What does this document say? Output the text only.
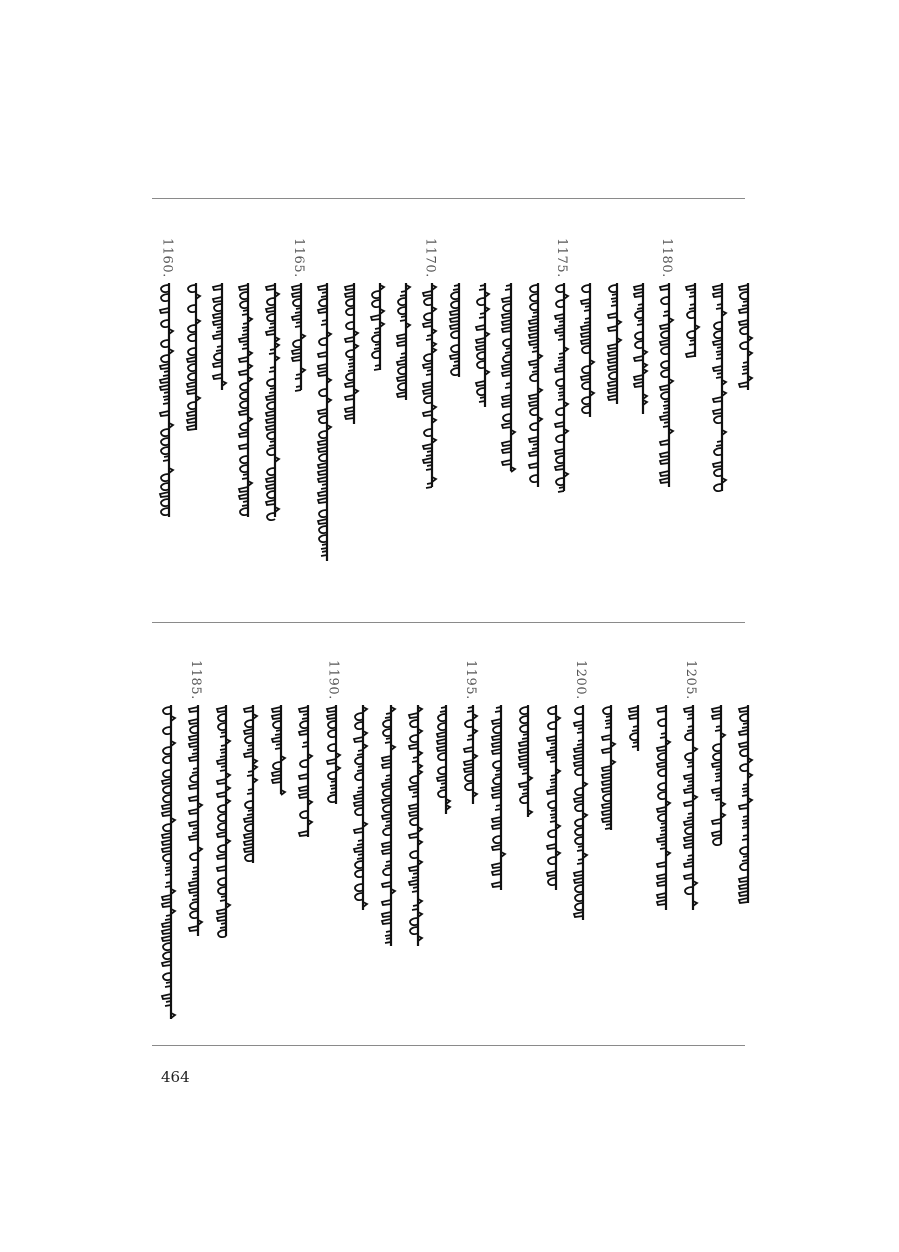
1180.
1175.
1170.
1165.
1160.
1205.
1200.
1195.
1190.
1185.
464
